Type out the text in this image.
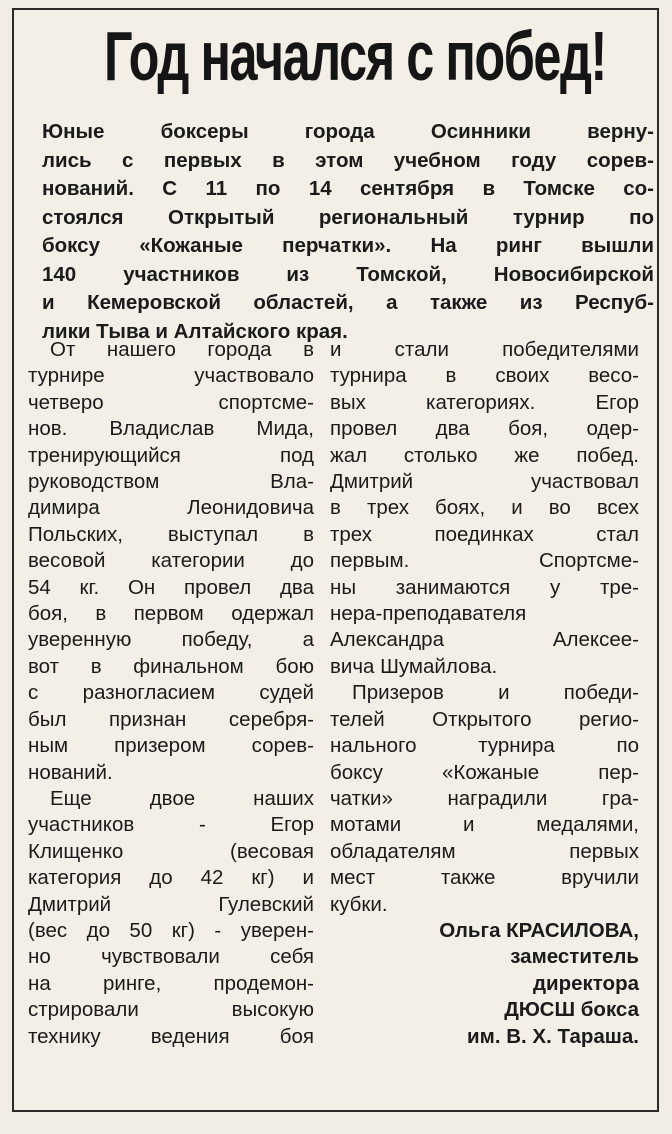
Год начался с побед!
Юные боксеры города Осинники верну-
лись с первых в этом учебном году сорев-
нований. С 11 по 14 сентября в Томске со-
стоялся Открытый региональный турнир по
боксу «Кожаные перчатки». На ринг вышли
140 участников из Томской, Новосибирской
и Кемеровской областей, а также из Респуб-
лики Тыва и Алтайского края.
От нашего города в
турнире участвовало
четверо спортсме-
нов. Владислав Мида,
тренирующийся под
руководством Вла-
димира Леонидовича
Польских, выступал в
весовой категории до
54 кг. Он провел два
боя, в первом одержал
уверенную победу, а
вот в финальном бою
с разногласием судей
был признан серебря-
ным призером сорев-
нований.
Еще двое наших
участников - Егор
Клищенко (весовая
категория до 42 кг) и
Дмитрий Гулевский
(вес до 50 кг) - уверен-
но чувствовали себя
на ринге, продемон-
стрировали высокую
технику ведения боя
и стали победителями
турнира в своих весо-
вых категориях. Егор
провел два боя, одер-
жал столько же побед.
Дмитрий участвовал
в трех боях, и во всех
трех поединках стал
первым. Спортсме-
ны занимаются у тре-
нера-преподавателя
Александра Алексее-
вича Шумайлова.
Призеров и победи-
телей Открытого регио-
нального турнира по
боксу «Кожаные пер-
чатки» наградили гра-
мотами и медалями,
обладателям первых
мест также вручили
кубки.
Ольга КРАСИЛОВА,
заместитель
директора
ДЮСШ бокса
им. В. Х. Тараша.
